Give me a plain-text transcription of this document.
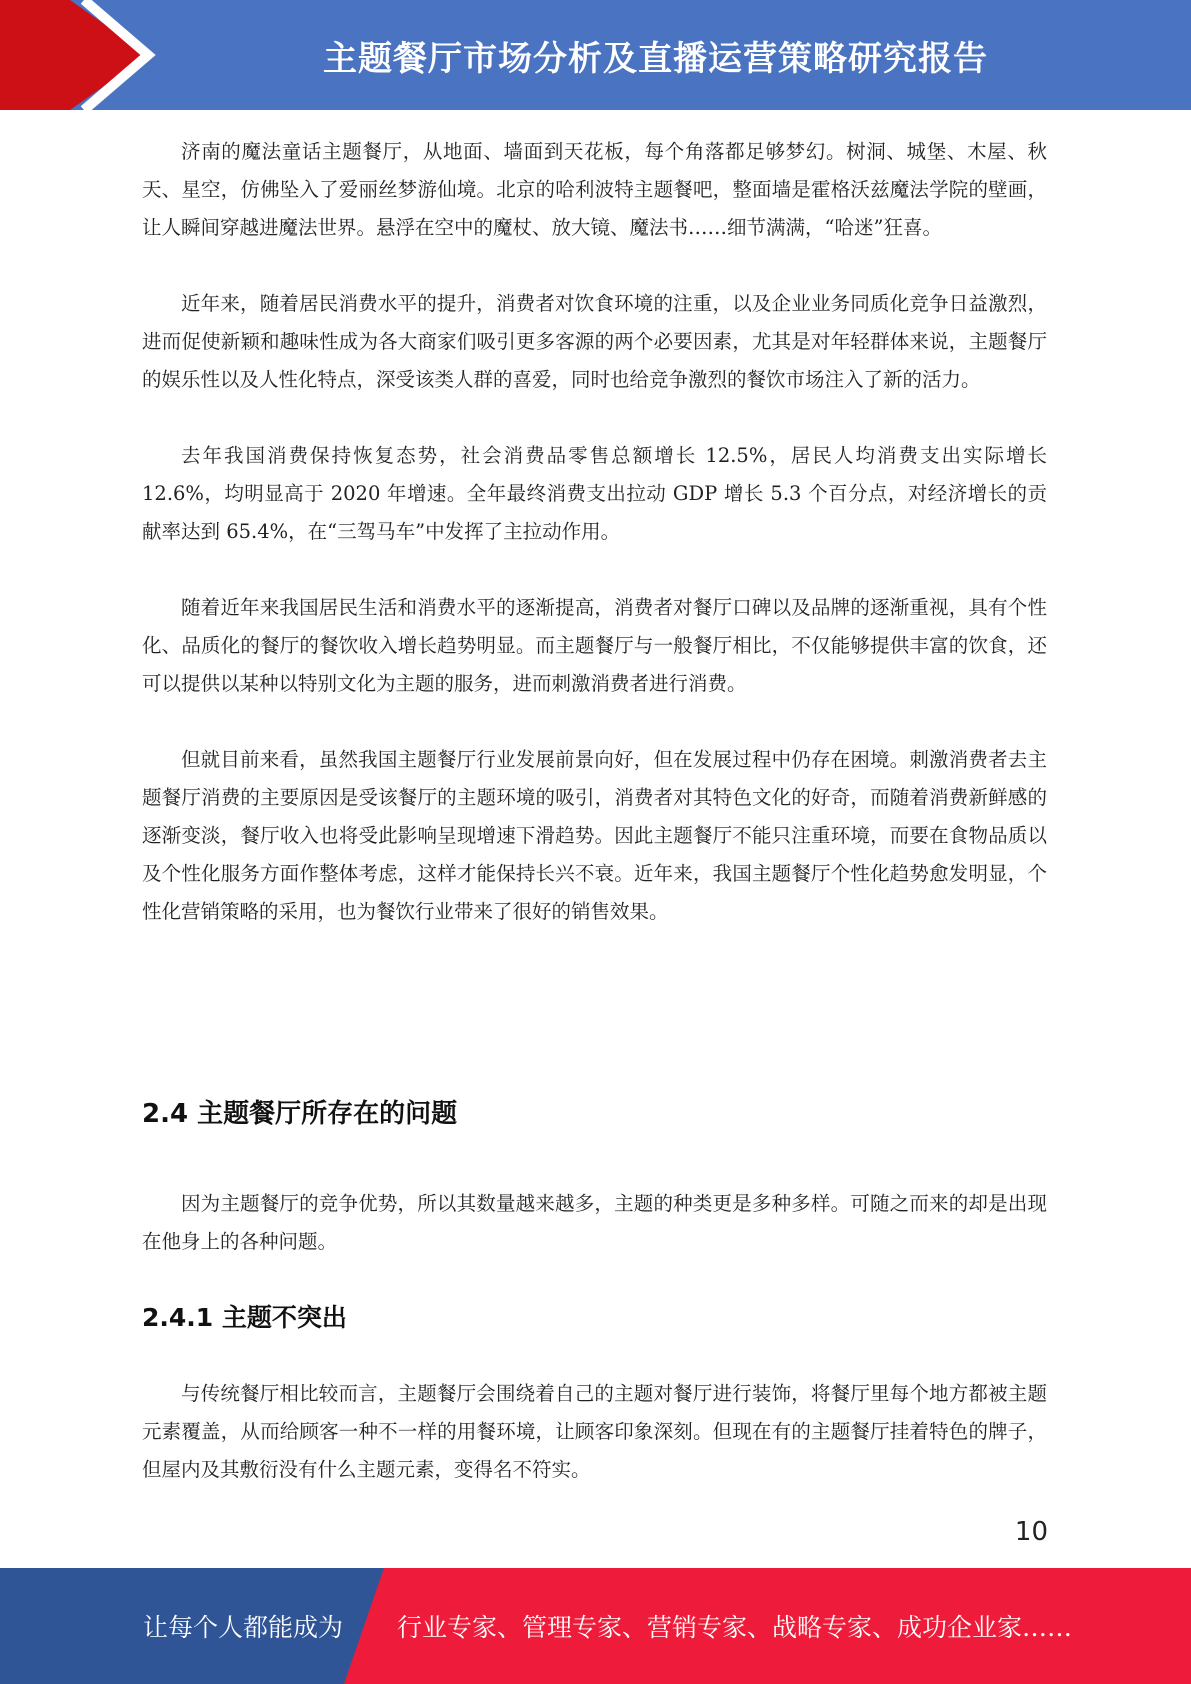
主题餐厅市场分析及直播运营策略研究报告

济南的魔法童话主题餐厅，从地面、墙面到天花板，每个角落都足够梦幻。树洞、城堡、木屋、秋天、星空，仿佛坠入了爱丽丝梦游仙境。北京的哈利波特主题餐吧，整面墙是霍格沃兹魔法学院的壁画，让人瞬间穿越进魔法世界。悬浮在空中的魔杖、放大镜、魔法书……细节满满，“哈迷”狂喜。

近年来，随着居民消费水平的提升，消费者对饮食环境的注重，以及企业业务同质化竞争日益激烈，进而促使新颖和趣味性成为各大商家们吸引更多客源的两个必要因素，尤其是对年轻群体来说，主题餐厅的娱乐性以及人性化特点，深受该类人群的喜爱，同时也给竞争激烈的餐饮市场注入了新的活力。

去年我国消费保持恢复态势，社会消费品零售总额增长 12.5%，居民人均消费支出实际增长 12.6%，均明显高于 2020 年增速。全年最终消费支出拉动 GDP 增长 5.3 个百分点，对经济增长的贡献率达到 65.4%，在“三驾马车”中发挥了主拉动作用。

随着近年来我国居民生活和消费水平的逐渐提高，消费者对餐厅口碑以及品牌的逐渐重视，具有个性化、品质化的餐厅的餐饮收入增长趋势明显。而主题餐厅与一般餐厅相比，不仅能够提供丰富的饮食，还可以提供以某种以特别文化为主题的服务，进而刺激消费者进行消费。

但就目前来看，虽然我国主题餐厅行业发展前景向好，但在发展过程中仍存在困境。刺激消费者去主题餐厅消费的主要原因是受该餐厅的主题环境的吸引，消费者对其特色文化的好奇，而随着消费新鲜感的逐渐变淡，餐厅收入也将受此影响呈现增速下滑趋势。因此主题餐厅不能只注重环境，而要在食物品质以及个性化服务方面作整体考虑，这样才能保持长兴不衰。近年来，我国主题餐厅个性化趋势愈发明显，个性化营销策略的采用，也为餐饮行业带来了很好的销售效果。

2.4 主题餐厅所存在的问题

因为主题餐厅的竞争优势，所以其数量越来越多，主题的种类更是多种多样。可随之而来的却是出现在他身上的各种问题。

2.4.1 主题不突出

与传统餐厅相比较而言，主题餐厅会围绕着自己的主题对餐厅进行装饰，将餐厅里每个地方都被主题元素覆盖，从而给顾客一种不一样的用餐环境，让顾客印象深刻。但现在有的主题餐厅挂着特色的牌子，但屋内及其敷衍没有什么主题元素，变得名不符实。

10
让每个人都能成为 行业专家、管理专家、营销专家、战略专家、成功企业家……
